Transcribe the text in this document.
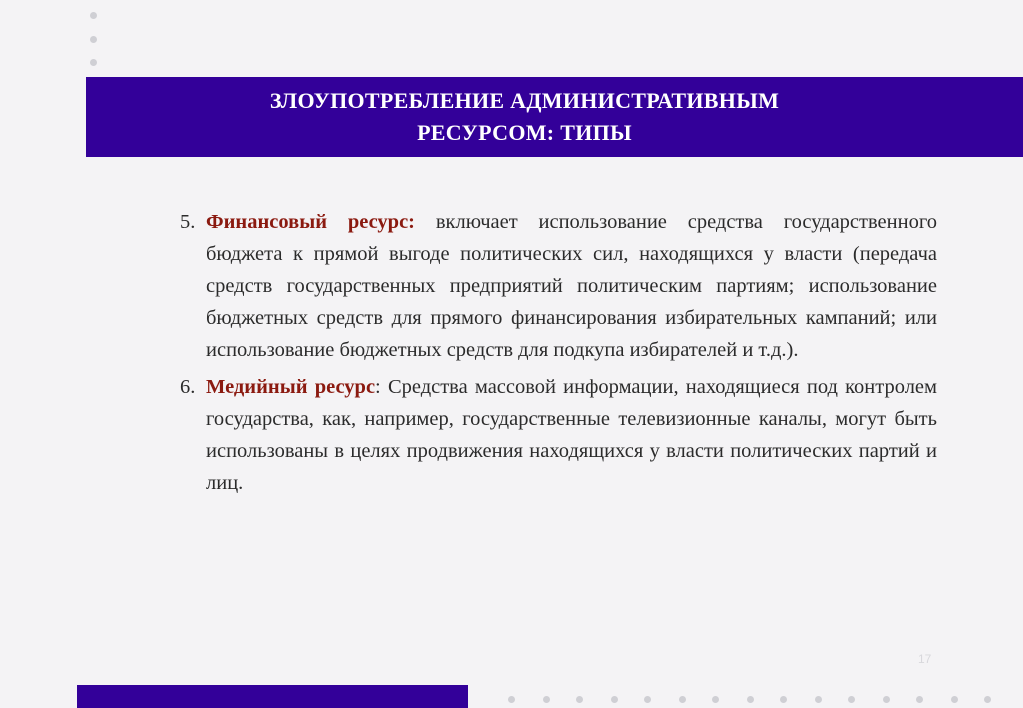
ЗЛОУПОТРЕБЛЕНИЕ АДМИНИСТРАТИВНЫМ
РЕСУРСОМ: ТИПЫ
5. Финансовый ресурс: включает использование средства государственного бюджета к прямой выгоде политических сил, находящихся у власти (передача средств государственных предприятий политическим партиям; использование бюджетных средств для прямого финансирования избирательных кампаний; или использование бюджетных средств для подкупа избирателей и т.д.).
6. Медийный ресурс: Средства массовой информации, находящиеся под контролем государства, как, например, государственные телевизионные каналы, могут быть использованы в целях продвижения находящихся у власти политических партий и лиц.
17
